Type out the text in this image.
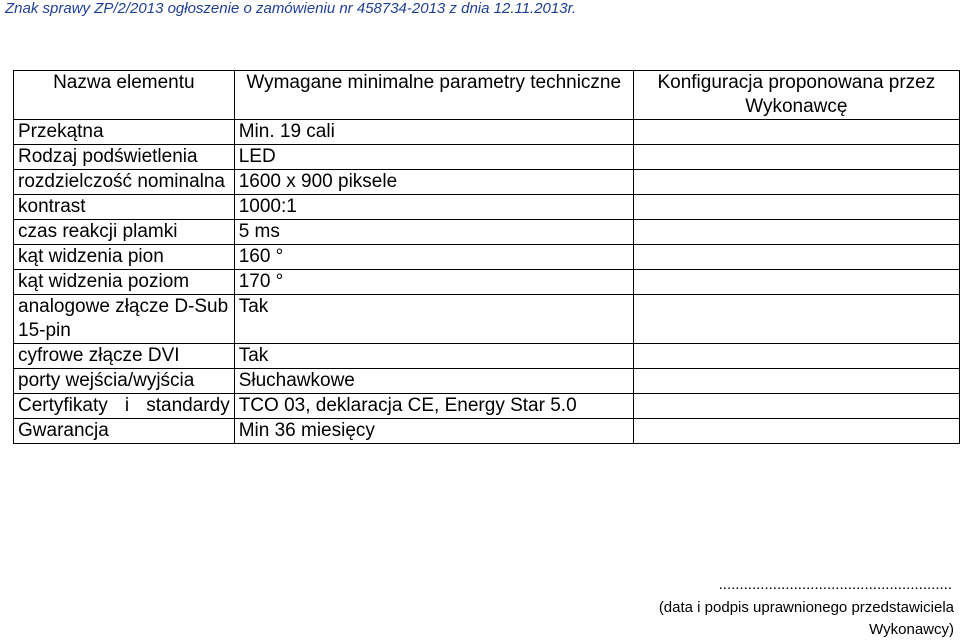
Znak sprawy ZP/2/2013 ogłoszenie o zamówieniu nr 458734-2013 z dnia 12.11.2013r.
Nazwa elementu	Wymagane minimalne parametry techniczne	Konfiguracja proponowana przez Wykonawcę
Przekątna	Min. 19 cali	
Rodzaj podświetlenia	LED	
rozdzielczość nominalna	1600 x 900 piksele	
kontrast	1000:1	
czas reakcji plamki	5 ms	
kąt widzenia pion	160 °	
kąt widzenia poziom	170 °	
analogowe złącze D-Sub 15-pin	Tak	
cyfrowe złącze DVI	Tak	
porty wejścia/wyjścia	Słuchawkowe	
Certyfikaty i standardy	TCO 03, deklaracja CE, Energy Star 5.0	
Gwarancja	Min 36 miesięcy	
........................................................
(data i podpis uprawnionego przedstawiciela Wykonawcy)
